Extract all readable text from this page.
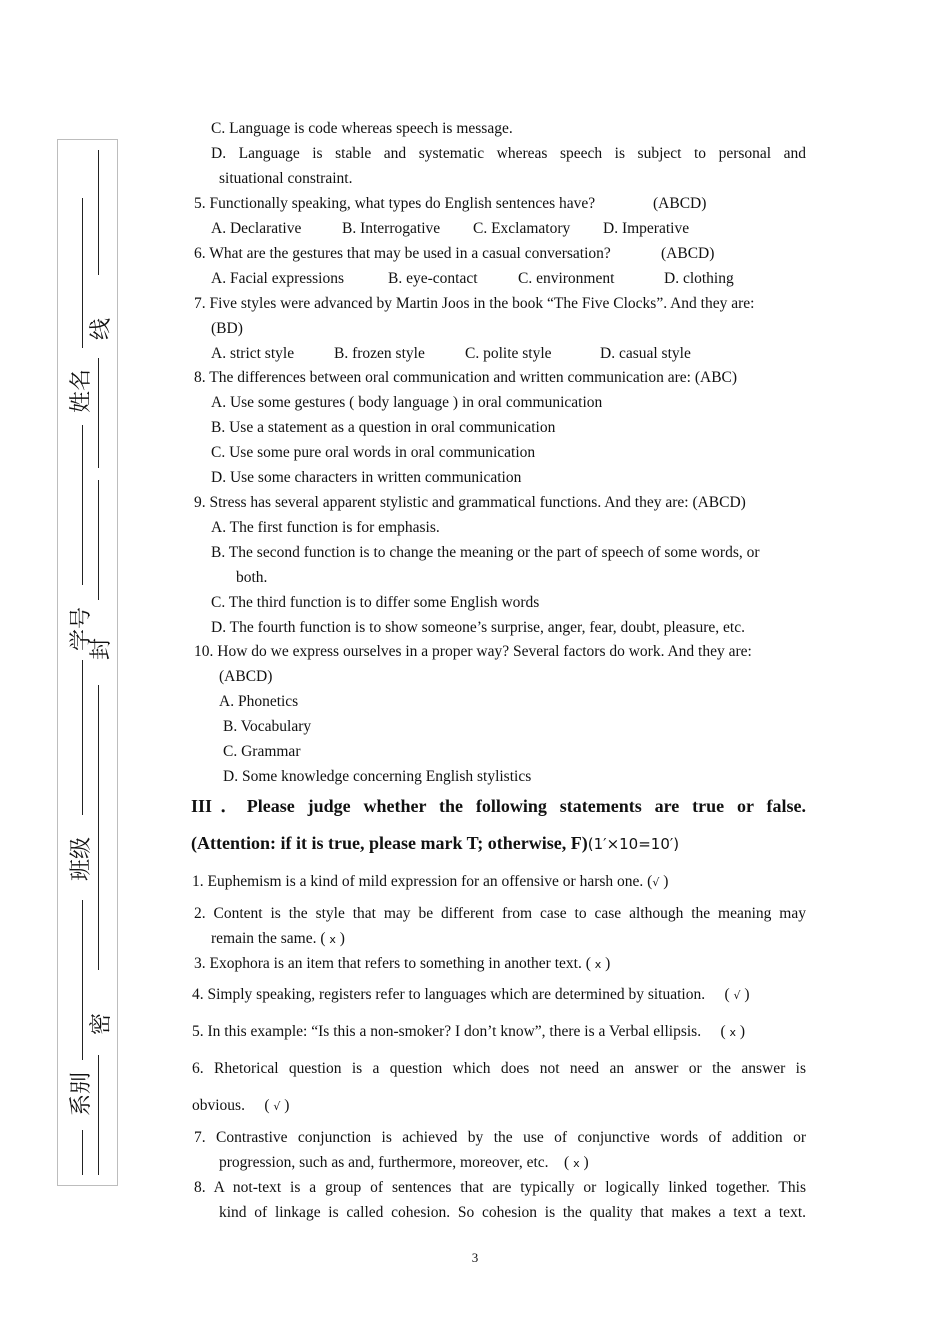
线
姓名
学号
封
班级
密
系别
C. Language is code whereas speech is message.
D. Language is stable and systematic whereas speech is subject to personal and
situational constraint.
5. Functionally speaking, what types do English sentences have?	(ABCD)
A. Declarative	B. Interrogative C. Exclamatory D. Imperative
6. What are the gestures that may be used in a casual conversation?	(ABCD)
A. Facial expressions	B. eye-contact	C. environment	D. clothing
7. Five styles were advanced by Martin Joos in the book “The Five Clocks”. And they are:
(BD)
A. strict style	B. frozen style	C. polite style	D. casual style
8. The differences between oral communication and written communication are: (ABC)
A. Use some gestures ( body language ) in oral communication
B. Use a statement as a question in oral communication
C. Use some pure oral words in oral communication
D. Use some characters in written communication
9. Stress has several apparent stylistic and grammatical functions. And they are: (ABCD)
A. The first function is for emphasis.
B. The second function is to change the meaning or the part of speech of some words, or
both.
C. The third function is to differ some English words
D. The fourth function is to show someone’s surprise, anger, fear, doubt, pleasure, etc.
10. How do we express ourselves in a proper way? Several factors do work. And they are:
(ABCD)
A. Phonetics
B. Vocabulary
C. Grammar
D. Some knowledge concerning English stylistics
III．Please judge whether the following statements are true or false.
(Attention: if it is true, please mark T; otherwise, F)(1′×10=10′)
1. Euphemism is a kind of mild expression for an offensive or harsh one. (√ )
2. Content is the style that may be different from case to case although the meaning may
remain the same. ( x )
3. Exophora is an item that refers to something in another text. ( x )
4. Simply speaking, registers refer to languages which are determined by situation.     ( √ )
5. In this example: “Is this a non-smoker? I don’t know”, there is a Verbal ellipsis.     ( x )
6. Rhetorical question is a question which does not need an answer or the answer is
obvious.     ( √ )
7. Contrastive conjunction is achieved by the use of conjunctive words of addition or
progression, such as and, furthermore, moreover, etc.    ( x )
8. A not-text is a group of sentences that are typically or logically linked together. This
kind of linkage is called cohesion. So cohesion is the quality that makes a text a text.
3
